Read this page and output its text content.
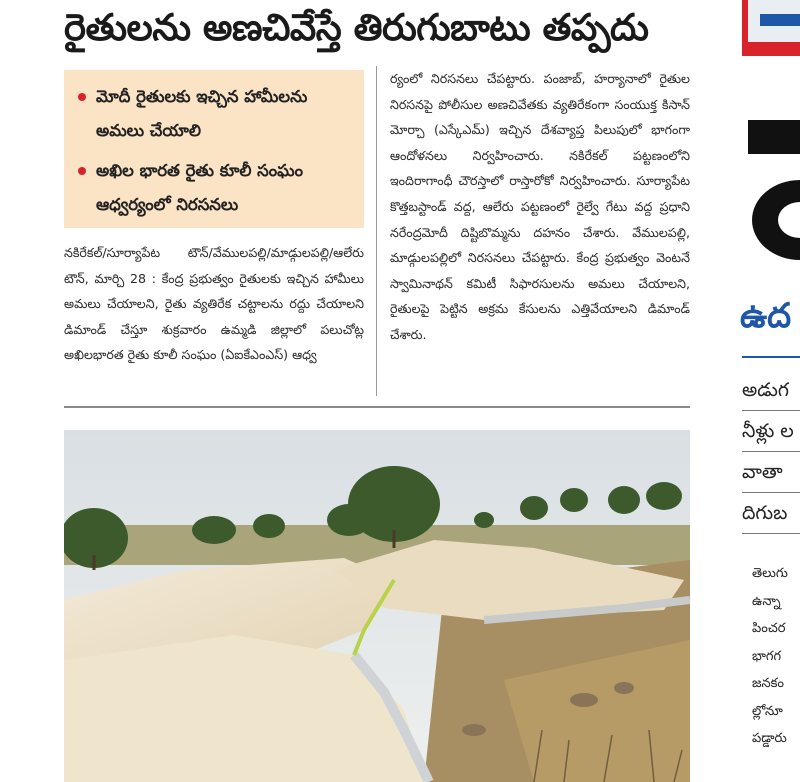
రైతులను అణచివేస్తే తిరుగుబాటు తప్పదు
మోదీ రైతులకు ఇచ్చిన హామీలను అమలు చేయాలి
అఖిల భారత రైతు కూలీ సంఘం ఆధ్వర్యంలో నిరసనలు
నకిరేకల్/సూర్యాపేట టౌన్/వేములపల్లి/మాడ్గులపల్లి/ఆలేరు టౌన్, మార్చి 28 : కేంద్ర ప్రభుత్వం రైతులకు ఇచ్చిన హామీలు అమలు చేయాలని, రైతు వ్యతిరేక చట్టాలను రద్దు చేయాలని డిమాండ్ చేస్తూ శుక్రవారం ఉమ్మడి జిల్లాలో పలుచోట్ల అఖిలభారత రైతు కూలీ సంఘం (ఏఐకేఎంఎస్) ఆధ్వ
ర్యంలో నిరసనలు చేపట్టారు. పంజాబ్, హర్యానాలో రైతుల నిరసనపై పోలీసుల అణచివేతకు వ్యతిరేకంగా సంయుక్త కిసాన్ మోర్చా (ఎస్కేఎమ్) ఇచ్చిన దేశవ్యాప్త పిలుపులో భాగంగా ఆందోళనలు నిర్వహించారు. నకిరేకల్ పట్టణంలోని ఇందిరాగాంధీ చౌరస్తాలో రాస్తారోకో నిర్వహించారు. సూర్యాపేట కొత్తబస్టాండ్ వద్ద, ఆలేరు పట్టణంలో రైల్వే గేటు వద్ద ప్రధాని నరేంద్రమోదీ దిష్టిబొమ్మను దహనం చేశారు. వేములపల్లి, మాడ్గులపల్లిలో నిరసనలు చేపట్టారు. కేంద్ర ప్రభుత్వం వెంటనే స్వామినాథన్ కమిటీ సిఫారసులను అమలు చేయాలని, రైతులపై పెట్టిన అక్రమ కేసులను ఎత్తివేయాలని డిమాండ్ చేశారు.	ఉద
అడుగ
నీళ్లు ల
వాతా
దిగుబ
తెలుగు
ఉన్నా
పించర
భాగగ
జనకం
ల్లోనూ
పడ్డారు
